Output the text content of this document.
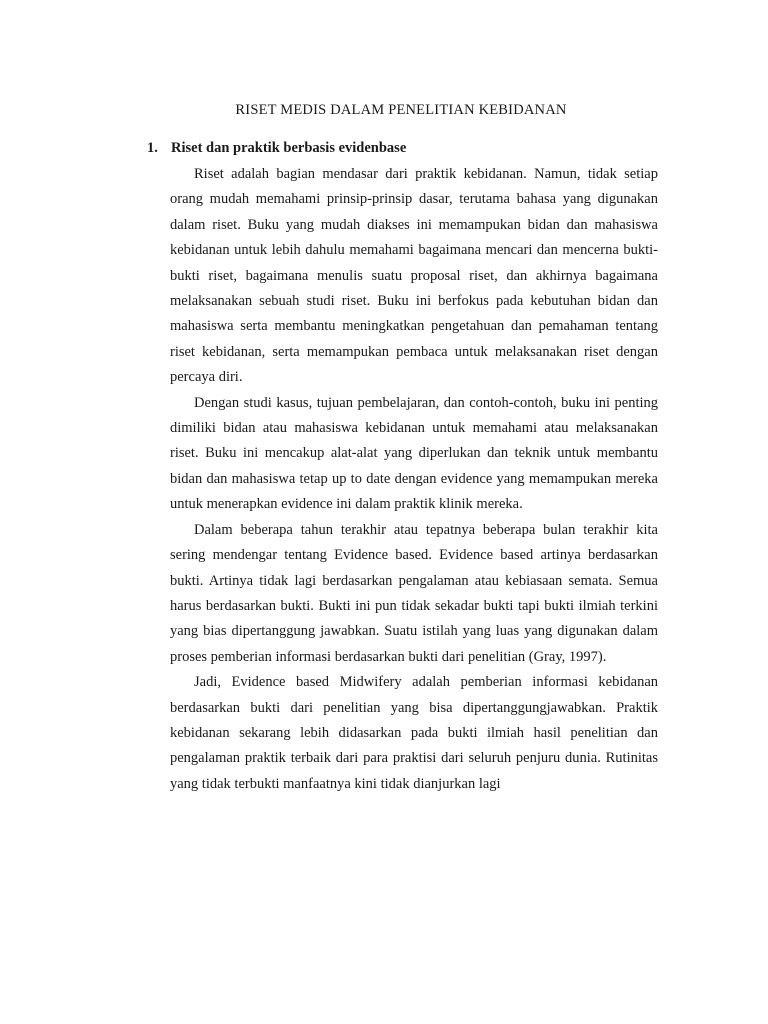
RISET MEDIS DALAM PENELITIAN KEBIDANAN
1. Riset dan praktik berbasis evidenbase

Riset adalah bagian mendasar dari praktik kebidanan. Namun, tidak setiap orang mudah memahami prinsip-prinsip dasar, terutama bahasa yang digunakan dalam riset. Buku yang mudah diakses ini memampukan bidan dan mahasiswa kebidanan untuk lebih dahulu memahami bagaimana mencari dan mencerna bukti-bukti riset, bagaimana menulis suatu proposal riset, dan akhirnya bagaimana melaksanakan sebuah studi riset. Buku ini berfokus pada kebutuhan bidan dan mahasiswa serta membantu meningkatkan pengetahuan dan pemahaman tentang riset kebidanan, serta memampukan pembaca untuk melaksanakan riset dengan percaya diri.

Dengan studi kasus, tujuan pembelajaran, dan contoh-contoh, buku ini penting dimiliki bidan atau mahasiswa kebidanan untuk memahami atau melaksanakan riset. Buku ini mencakup alat-alat yang diperlukan dan teknik untuk membantu bidan dan mahasiswa tetap up to date dengan evidence yang memampukan mereka untuk menerapkan evidence ini dalam praktik klinik mereka.

Dalam beberapa tahun terakhir atau tepatnya beberapa bulan terakhir kita sering mendengar tentang Evidence based. Evidence based artinya berdasarkan bukti. Artinya tidak lagi berdasarkan pengalaman atau kebiasaan semata. Semua harus berdasarkan bukti. Bukti ini pun tidak sekadar bukti tapi bukti ilmiah terkini yang bias dipertanggung jawabkan. Suatu istilah yang luas yang digunakan dalam proses pemberian informasi berdasarkan bukti dari penelitian (Gray, 1997).

Jadi, Evidence based Midwifery adalah pemberian informasi kebidanan berdasarkan bukti dari penelitian yang bisa dipertanggungjawabkan. Praktik kebidanan sekarang lebih didasarkan pada bukti ilmiah hasil penelitian dan pengalaman praktik terbaik dari para praktisi dari seluruh penjuru dunia. Rutinitas yang tidak terbukti manfaatnya kini tidak dianjurkan lagi
